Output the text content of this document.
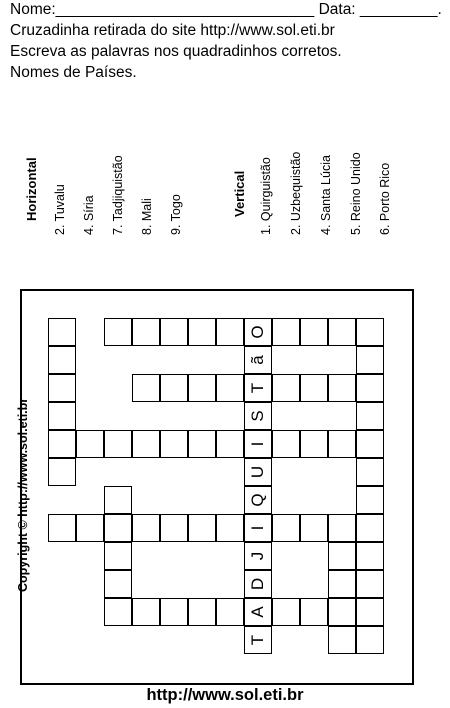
Nome:______________________________ Data: _________.
Cruzadinha retirada do site http://www.sol.eti.br
Escreva as palavras nos quadradinhos corretos.
Nomes de Países.
Horizontal 2. Tuvalu 4. Síria 7. Tadjiquistão 8. Mali 9. Togo	Vertical 1. Quirguistão 2. Uzbequistão 4. Santa Lúcia 5. Reino Unido 6. Porto Rico
Copyright © http://www.sol.eti.br
T
A
D
J
I
Q
U
I
S
T
ã
O
http://www.sol.eti.br
